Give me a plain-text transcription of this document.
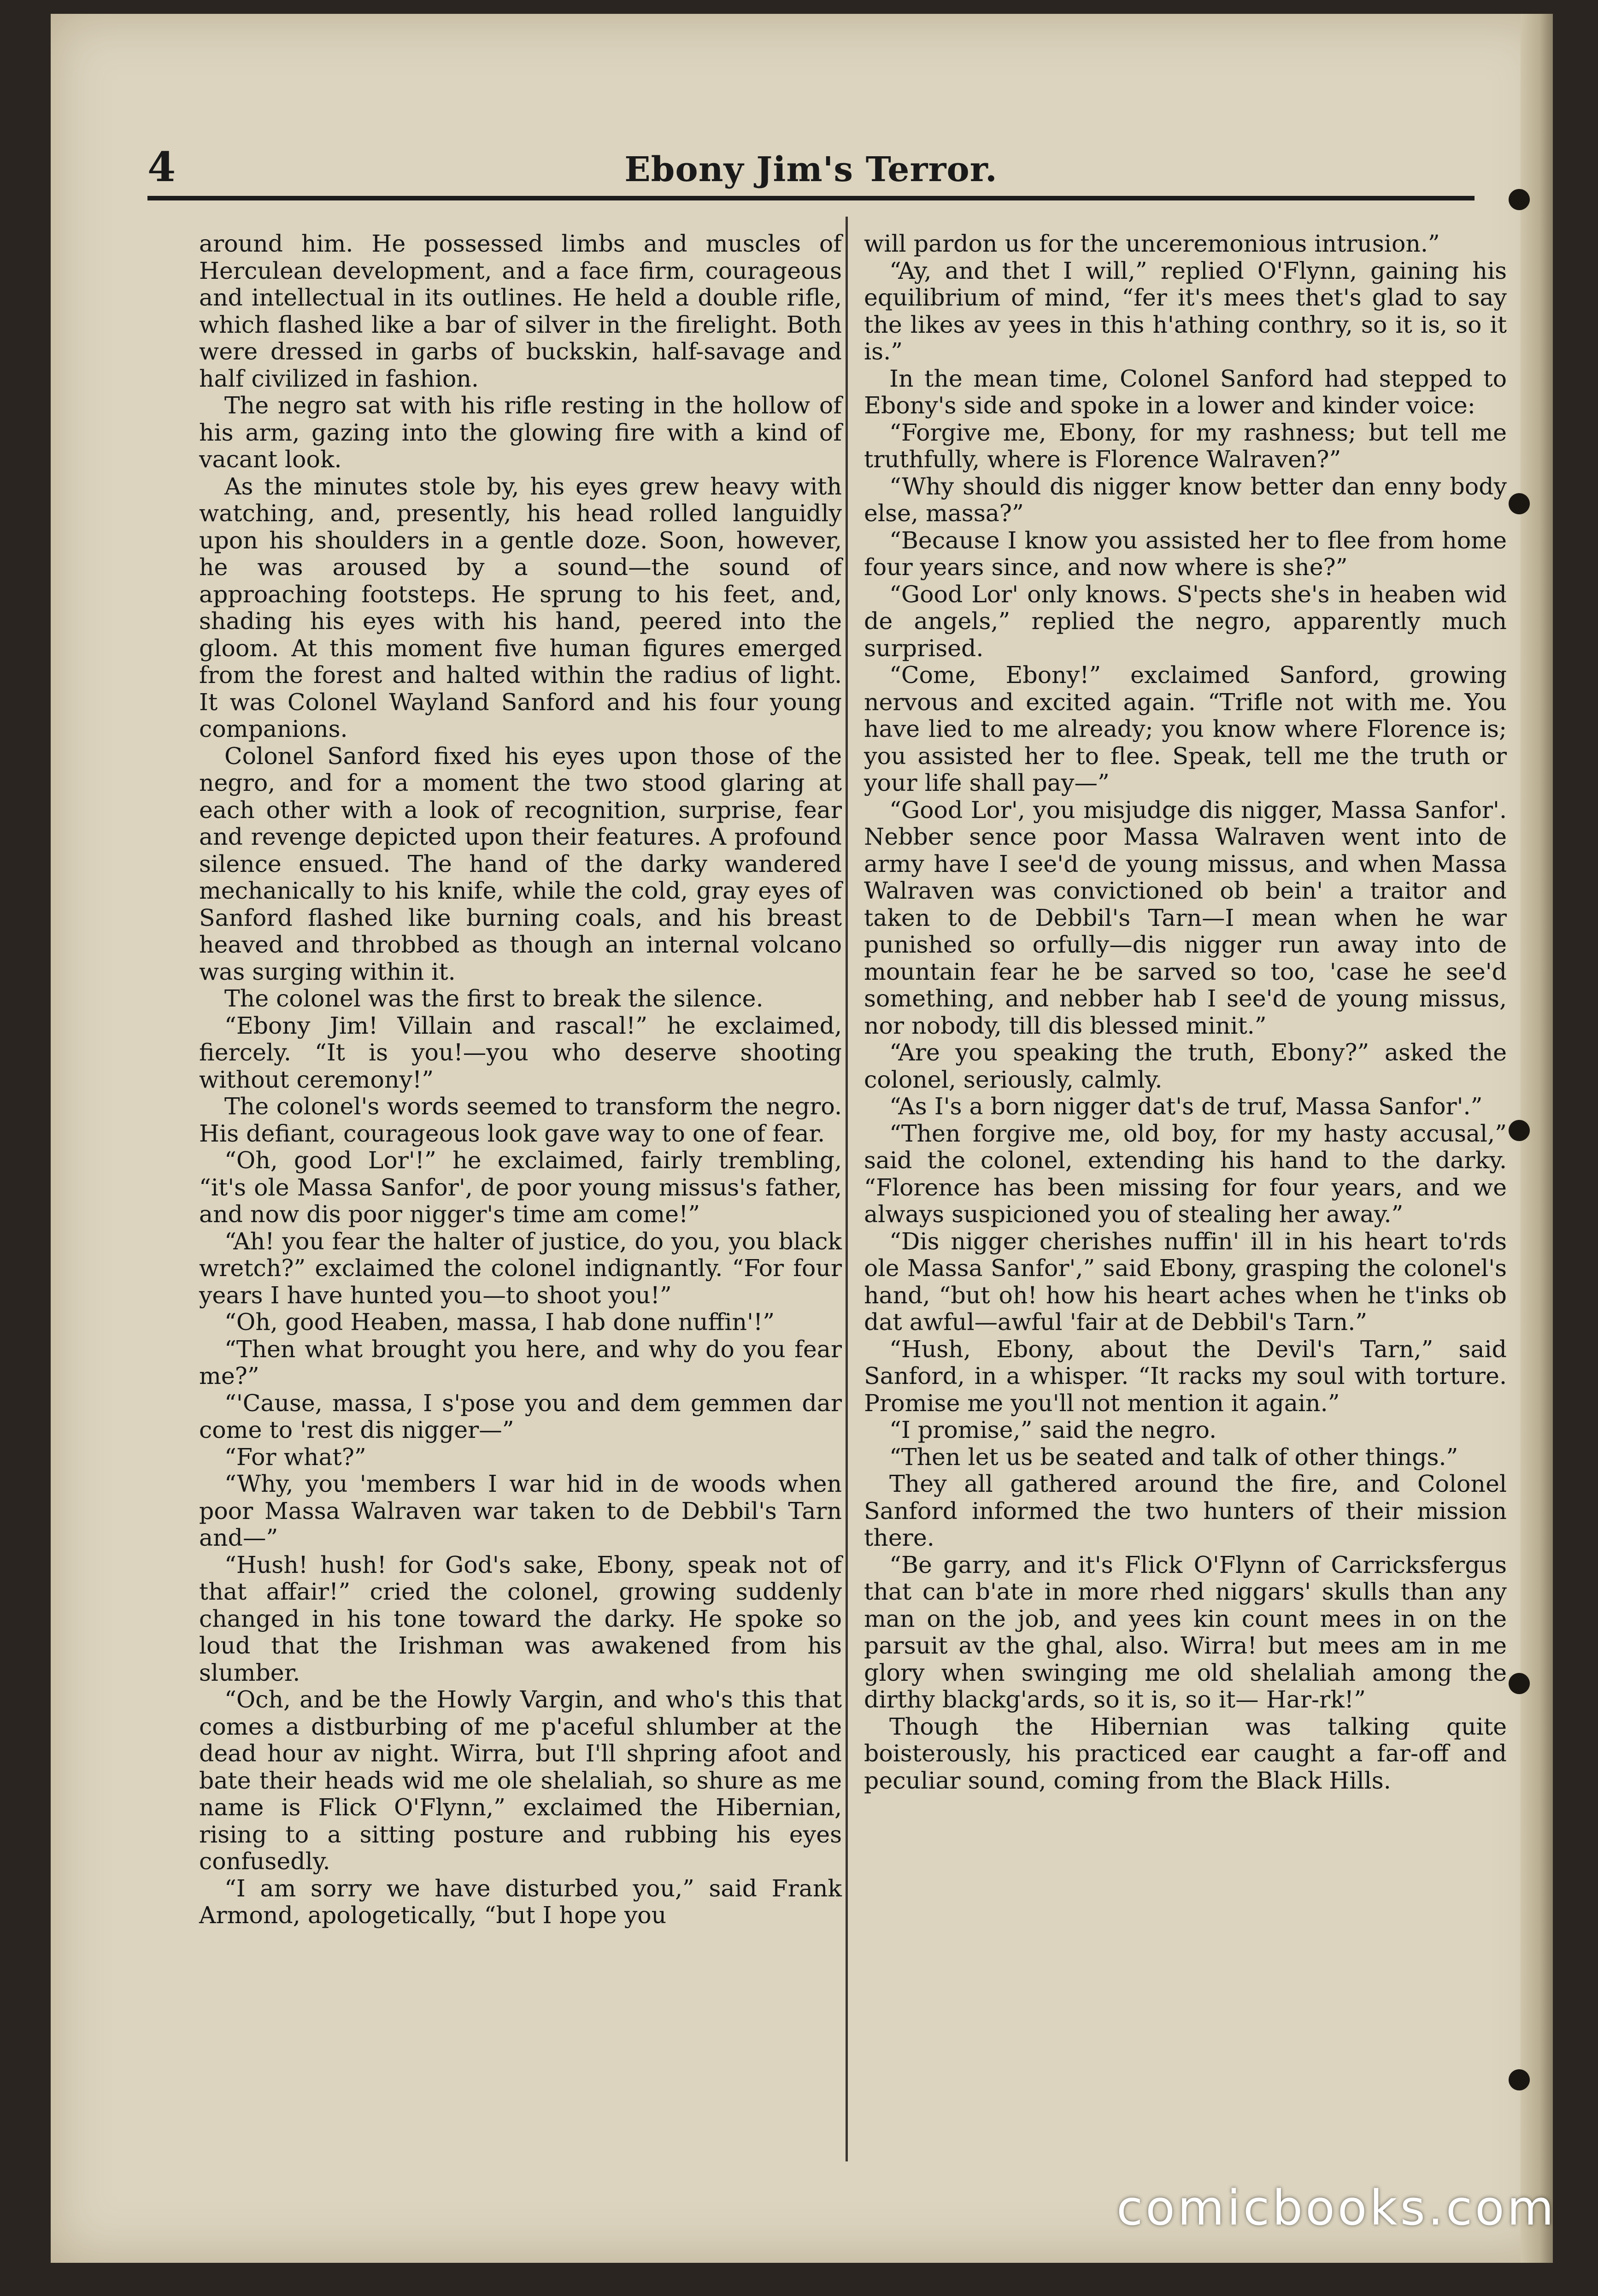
4	Ebony Jim's Terror.

around him. He possessed limbs and muscles of Herculean development, and a face firm, courageous and intellectual in its outlines. He held a double rifle, which flashed like a bar of silver in the firelight. Both were dressed in garbs of buckskin, half-savage and half civilized in fashion.

The negro sat with his rifle resting in the hollow of his arm, gazing into the glowing fire with a kind of vacant look.

As the minutes stole by, his eyes grew heavy with watching, and, presently, his head rolled languidly upon his shoulders in a gentle doze. Soon, however, he was aroused by a sound—the sound of approaching footsteps. He sprung to his feet, and, shading his eyes with his hand, peered into the gloom. At this moment five human figures emerged from the forest and halted within the radius of light. It was Colonel Wayland Sanford and his four young companions.

Colonel Sanford fixed his eyes upon those of the negro, and for a moment the two stood glaring at each other with a look of recognition, surprise, fear and revenge depicted upon their features. A profound silence ensued. The hand of the darky wandered mechanically to his knife, while the cold, gray eyes of Sanford flashed like burning coals, and his breast heaved and throbbed as though an internal volcano was surging within it.

The colonel was the first to break the silence.

“Ebony Jim! Villain and rascal!” he exclaimed, fiercely. “It is you!—you who deserve shooting without ceremony!”

The colonel's words seemed to transform the negro. His defiant, courageous look gave way to one of fear.

“Oh, good Lor'!” he exclaimed, fairly trembling, “it's ole Massa Sanfor', de poor young missus's father, and now dis poor nigger's time am come!”

“Ah! you fear the halter of justice, do you, you black wretch?” exclaimed the colonel indignantly. “For four years I have hunted you—to shoot you!”

“Oh, good Heaben, massa, I hab done nuffin'!”

“Then what brought you here, and why do you fear me?”

“'Cause, massa, I s'pose you and dem gemmen dar come to 'rest dis nigger—”

“For what?”

“Why, you 'members I war hid in de woods when poor Massa Walraven war taken to de Debbil's Tarn and—”

“Hush! hush! for God's sake, Ebony, speak not of that affair!” cried the colonel, growing suddenly changed in his tone toward the darky. He spoke so loud that the Irishman was awakened from his slumber.

“Och, and be the Howly Vargin, and who's this that comes a distburbing of me p'aceful shlumber at the dead hour av night. Wirra, but I'll shpring afoot and bate their heads wid me ole shelaliah, so shure as me name is Flick O'Flynn,” exclaimed the Hibernian, rising to a sitting posture and rubbing his eyes confusedly.

“I am sorry we have disturbed you,” said Frank Armond, apologetically, “but I hope you

will pardon us for the unceremonious intrusion.”

“Ay, and thet I will,” replied O'Flynn, gaining his equilibrium of mind, “fer it's mees thet's glad to say the likes av yees in this h'athing conthry, so it is, so it is.”

In the mean time, Colonel Sanford had stepped to Ebony's side and spoke in a lower and kinder voice:

“Forgive me, Ebony, for my rashness; but tell me truthfully, where is Florence Walraven?”

“Why should dis nigger know better dan enny body else, massa?”

“Because I know you assisted her to flee from home four years since, and now where is she?”

“Good Lor' only knows. S'pects she's in heaben wid de angels,” replied the negro, apparently much surprised.

“Come, Ebony!” exclaimed Sanford, growing nervous and excited again. “Trifle not with me. You have lied to me already; you know where Florence is; you assisted her to flee. Speak, tell me the truth or your life shall pay—”

“Good Lor', you misjudge dis nigger, Massa Sanfor'. Nebber sence poor Massa Walraven went into de army have I see'd de young missus, and when Massa Walraven was convictioned ob bein' a traitor and taken to de Debbil's Tarn—I mean when he war punished so orfully—dis nigger run away into de mountain fear he be sarved so too, 'case he see'd something, and nebber hab I see'd de young missus, nor nobody, till dis blessed minit.”

“Are you speaking the truth, Ebony?” asked the colonel, seriously, calmly.

“As I's a born nigger dat's de truf, Massa Sanfor'.”

“Then forgive me, old boy, for my hasty accusal,” said the colonel, extending his hand to the darky. “Florence has been missing for four years, and we always suspicioned you of stealing her away.”

“Dis nigger cherishes nuffin' ill in his heart to'rds ole Massa Sanfor',” said Ebony, grasping the colonel's hand, “but oh! how his heart aches when he t'inks ob dat awful—awful 'fair at de Debbil's Tarn.”

“Hush, Ebony, about the Devil's Tarn,” said Sanford, in a whisper. “It racks my soul with torture. Promise me you'll not mention it again.”

“I promise,” said the negro.

“Then let us be seated and talk of other things.”

They all gathered around the fire, and Colonel Sanford informed the two hunters of their mission there.

“Be garry, and it's Flick O'Flynn of Carricksfergus that can b'ate in more rhed niggars' skulls than any man on the job, and yees kin count mees in on the parsuit av the ghal, also. Wirra! but mees am in me glory when swinging me old shelaliah among the dirthy blackg'ards, so it is, so it— Har-rk!”

Though the Hibernian was talking quite boisterously, his practiced ear caught a far-off and peculiar sound, coming from the Black Hills.

comicbooks.com
